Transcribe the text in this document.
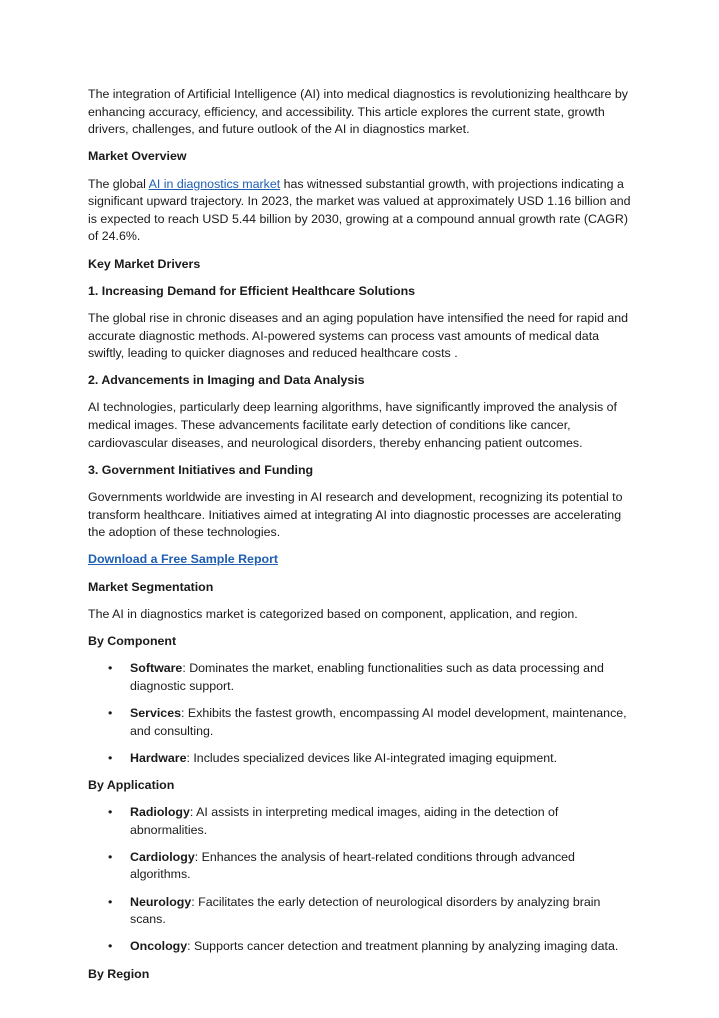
The integration of Artificial Intelligence (AI) into medical diagnostics is revolutionizing healthcare by enhancing accuracy, efficiency, and accessibility. This article explores the current state, growth drivers, challenges, and future outlook of the AI in diagnostics market.

Market Overview

The global AI in diagnostics market has witnessed substantial growth, with projections indicating a significant upward trajectory. In 2023, the market was valued at approximately USD 1.16 billion and is expected to reach USD 5.44 billion by 2030, growing at a compound annual growth rate (CAGR) of 24.6%.

Key Market Drivers

1. Increasing Demand for Efficient Healthcare Solutions

The global rise in chronic diseases and an aging population have intensified the need for rapid and accurate diagnostic methods. AI-powered systems can process vast amounts of medical data swiftly, leading to quicker diagnoses and reduced healthcare costs .

2. Advancements in Imaging and Data Analysis

AI technologies, particularly deep learning algorithms, have significantly improved the analysis of medical images. These advancements facilitate early detection of conditions like cancer, cardiovascular diseases, and neurological disorders, thereby enhancing patient outcomes.

3. Government Initiatives and Funding

Governments worldwide are investing in AI research and development, recognizing its potential to transform healthcare. Initiatives aimed at integrating AI into diagnostic processes are accelerating the adoption of these technologies.

Download a Free Sample Report

Market Segmentation

The AI in diagnostics market is categorized based on component, application, and region.

By Component

• Software: Dominates the market, enabling functionalities such as data processing and diagnostic support.
• Services: Exhibits the fastest growth, encompassing AI model development, maintenance, and consulting.
• Hardware: Includes specialized devices like AI-integrated imaging equipment.

By Application

• Radiology: AI assists in interpreting medical images, aiding in the detection of abnormalities.
• Cardiology: Enhances the analysis of heart-related conditions through advanced algorithms.
• Neurology: Facilitates the early detection of neurological disorders by analyzing brain scans.
• Oncology: Supports cancer detection and treatment planning by analyzing imaging data.

By Region
